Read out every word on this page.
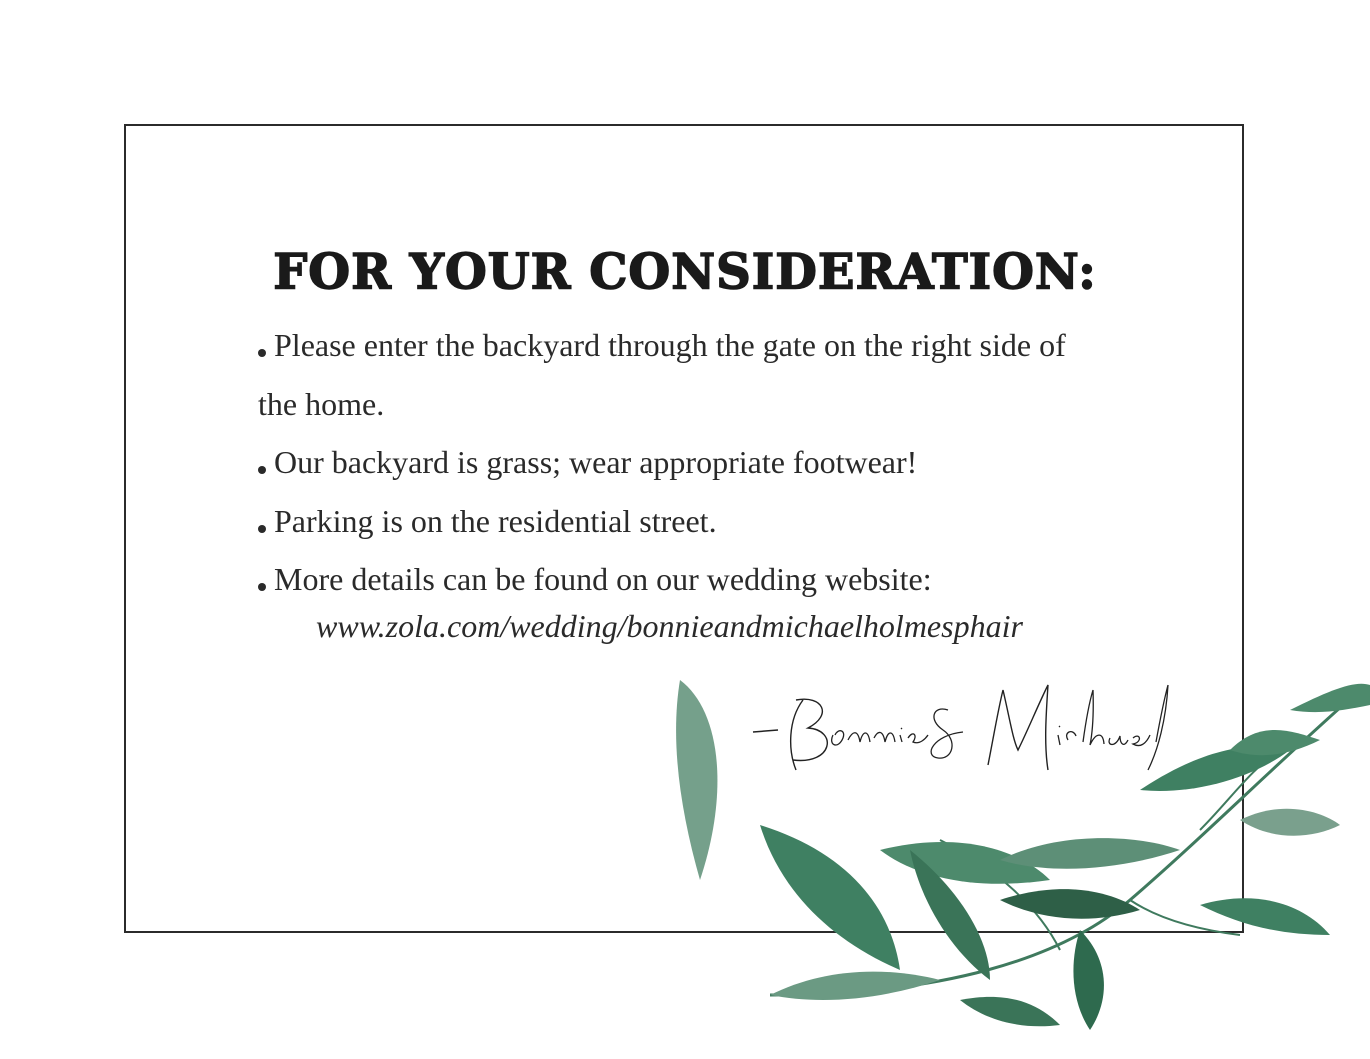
FOR YOUR CONSIDERATION:
Please enter the backyard through the gate on the right side of the home.
Our backyard is grass; wear appropriate footwear!
Parking is on the residential street.
More details can be found on our wedding website:

www.zola.com/wedding/bonnieandmichaelholmesphair
